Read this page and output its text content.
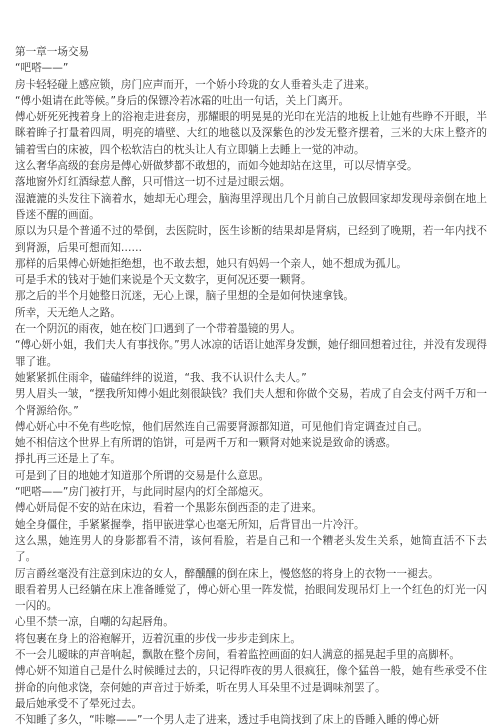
第一章一场交易

“吧嗒——”

房卡轻轻碰上感应锁，房门应声而开，一个娇小玲珑的女人垂着头走了进来。

“傅小姐请在此等候。”身后的保镖冷若冰霜的吐出一句话，关上门离开。

傅心妍死死拽着身上的浴袍走进套房，那耀眼的明晃晃的光印在光洁的地板上让她有些睁不开眼，半眯着眸子打量着四周，明亮的墙壁、大红的地毯以及深紫色的沙发无整齐摆着，三米的大床上整齐的铺着雪白的床被，四个松软洁白的枕头让人有立即躺上去睡上一觉的冲动。

这么奢华高级的套房是傅心妍做梦都不敢想的，而如今她却站在这里，可以尽情享受。

落地窗外灯红酒绿惹人醉，只可惜这一切不过是过眼云烟。

湿漉漉的头发往下滴着水，她却无心理会，脑海里浮现出几个月前自己放假回家却发现母亲倒在地上昏迷不醒的画面。

原以为只是个普通不过的晕倒，去医院时，医生诊断的结果却是肾病，已经到了晚期，若一年内找不到肾源，后果可想而知……

那样的后果傅心妍她拒绝想，也不敢去想，她只有妈妈一个亲人，她不想成为孤儿。

可是手术的钱对于她们来说是个天文数字，更何况还要一颗肾。

那之后的半个月她整日沉迷，无心上课，脑子里想的全是如何快速拿钱。

所幸，天无绝人之路。

在一个阴沉的雨夜，她在校门口遇到了一个带着墨镜的男人。

“傅心妍小姐，我们夫人有事找你。”男人冰凉的话语让她浑身发颤，她仔细回想着过往，并没有发现得罪了谁。

她紧紧抓住雨伞，磕磕绊绊的说道，“我、我不认识什么夫人。”

男人眉头一皱，“摆我所知傅小姐此刻很缺钱？我们夫人想和你做个交易，若成了自会支付两千万和一个肾源给你。”

傅心妍心中不免有些吃惊，他们居然连自己需要肾源都知道，可见他们肯定调查过自己。

她不相信这个世界上有所谓的馅饼，可是两千万和一颗肾对她来说是致命的诱惑。

掙扎再三还是上了车。

可是到了目的地她才知道那个所谓的交易是什么意思。

“吧嗒——”房门被打开，与此同时屋内的灯全部熄灭。

傅心妍局促不安的站在床边，看着一个黑影东倒西歪的走了进来。

她全身僵住，手紧紧握拳，指甲嵌进掌心也毫无所知，后背冒出一片冷汗。

这么黑，她连男人的身影都看不清，该何看脸，若是自己和一个糟老头发生关系，她简直活不下去了。

厉言爵丝毫没有注意到床边的女人，醉醺醺的倒在床上，慢悠悠的将身上的衣物一一褪去。

眼看着男人已经躺在床上准备睡觉了，傅心妍心里一阵发慌，抬眼间发现吊灯上一个红色的灯光一闪一闪的。

心里不禁一凉，自嘲的勾起唇角。

将包裹在身上的浴袍解开，迈着沉重的步伐一步步走到床上。

不一会儿暧昧的声音响起，飘散在整个房间，看着监控画面的妇人满意的摇晃起手里的高脚杯。

傅心妍不知道自己是什么时候睡过去的，只记得昨夜的男人很疯狂，像个猛兽一般，她有些承受不住拼命的向他求饶，奈何她的声音过于娇柔，听在男人耳朵里不过是调味剂罢了。

最后她承受不了晕死过去。

不知睡了多久，“咔嚓——”一个男人走了进来，透过手电筒找到了床上的昏睡入睡的傅心妍
